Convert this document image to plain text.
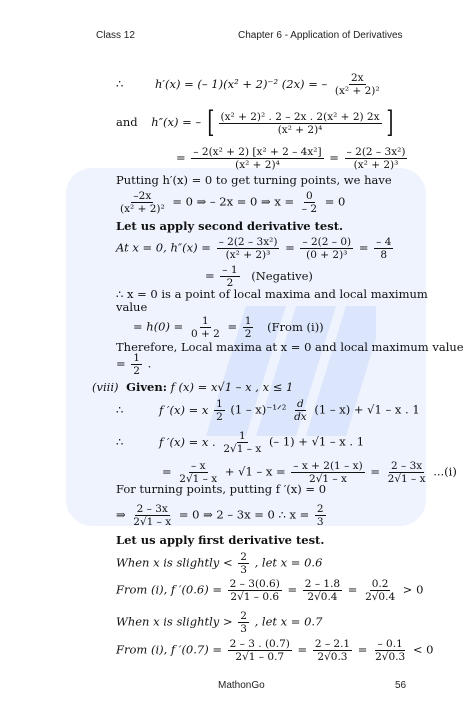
Class 12	Chapter 6 - Application of Derivatives
∴	h′(x) = (– 1)(x² + 2)⁻² (2x) = – $\frac{2x}{\text{(x² + 2)²}}$
and h″(x) = – [ $\frac{\text{(x² + 2)² . 2 – 2x . 2(x² + 2) 2x}}{\text{(x² + 2)⁴}}$ ]
= $\frac{\text{– 2(x² + 2) [x² + 2 – 4x²]}}{\text{(x² + 2)⁴}} = \frac{\text{– 2(2 – 3x²)}}{\text{(x² + 2)³}}$
Putting h′(x) = 0 to get turning points, we have
$\frac{-2x}{\text{(x² + 2)²}} = 0$ ⇒ – 2x = 0 ⇒ $x = \frac{0}{- 2} = 0$
Let us apply second derivative test.
At x = 0, $h''(x) = \frac{\text{– 2(2 – 3x²)}}{\text{(x² + 2)³}} = \frac{- 2(2 - 0)}{\text{(0 + 2)³}} = \frac{- 4}{8}$
= $\frac{- 1}{2}$ (Negative)
∴ x = 0 is a point of local maxima and local maximum
value
= $h(0) = \frac{1}{0 + 2} = \frac{1}{2}$ (From (i))
Therefore, Local maxima at x = 0 and local maximum value
= $\frac{1}{2}$ .
(viii) Given: f (x) = x√1 – x , x ≤ 1
∴	f ′(x) = x $\frac{1}{2} (1$ – x)⁻¹ᐟ² $\frac{d}{dx} (1 - x) + √1 - x$ . 1
∴	f ′(x) = x . $\frac{1}{2√1 - x}$ (– 1) + √1 – x . 1
= $\frac{- x}{2√1 - x} + √1 - x = \frac{- x + 2(1 - x)}{2√1 - x} = \frac{2 - 3x}{2√1 - x} ...(i)$
For turning points, putting f ′(x) = 0
⇒ $\frac{2 - 3x}{2√1 - x} = 0$ ⇒ 2 – 3x = 0 ∴ $x = \frac{2}{3}$
Let us apply first derivative test.
When x is slightly < $\frac{2}{3}$ , let x = 0.6
From (i), f $'(0.6) = \frac{2 - 3(0.6)}{2√1 - 0.6} = \frac{2 - 1.8}{2√0.4} = \frac{0.2}{2√0.4} > 0$
When x is slightly > $\frac{2}{3}$ , let x = 0.7
From (i), f $'(0.7) = \frac{2 - 3 . (0.7)}{2√1 - 0.7} = \frac{2 - 2.1}{2√0.3} = \frac{- 0.1}{2√0.3} < 0$
MathonGo	56
